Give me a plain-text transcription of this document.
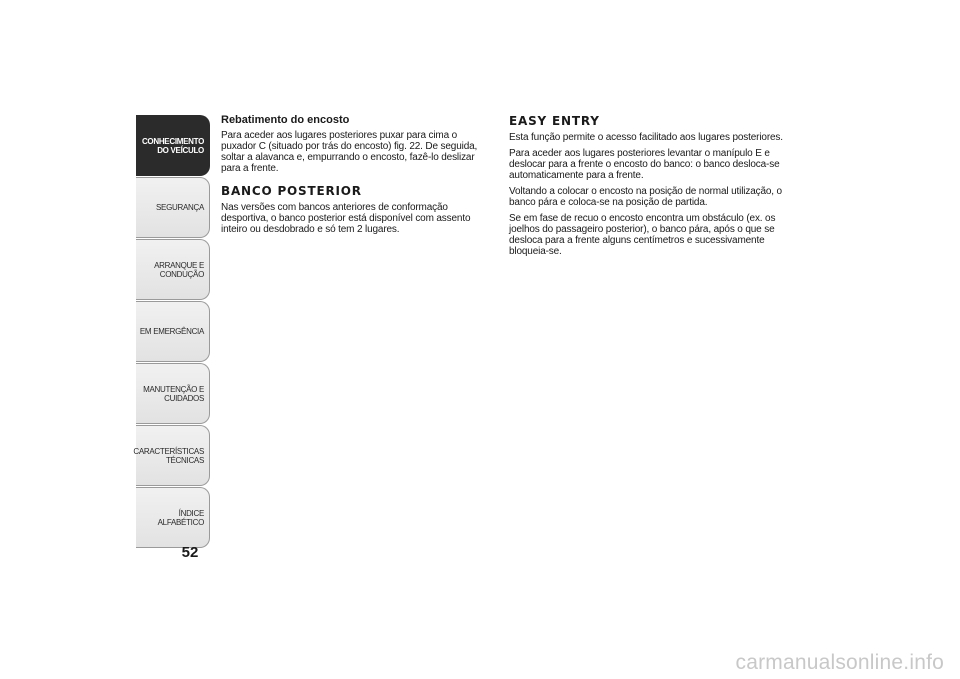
CONHECIMENTO
DO VEÍCULO
SEGURANÇA
ARRANQUE E
CONDUÇÃO
EM EMERGÊNCIA
MANUTENÇÃO E
CUIDADOS
CARACTERÍSTICAS
TÉCNICAS
ÍNDICE ALFABÉTICO
52
Rebatimento do encosto

Para aceder aos lugares posteriores puxar para cima o puxador C (situado por trás do encosto) fig. 22. De seguida, soltar a alavanca e, empurrando o encosto, fazê-lo deslizar para a frente.

BANCO POSTERIOR

Nas versões com bancos anteriores de conformação desportiva, o banco posterior está disponível com assento inteiro ou desdobrado e só tem 2 lugares.

EASY ENTRY

Esta função permite o acesso facilitado aos lugares posteriores.

Para aceder aos lugares posteriores levantar o manípulo E e deslocar para a frente o encosto do banco: o banco desloca-se automaticamente para a frente.

Voltando a colocar o encosto na posição de normal utilização, o banco pára e coloca-se na posição de partida.

Se em fase de recuo o encosto encontra um obstáculo (ex. os joelhos do passageiro posterior), o banco pára, após o que se desloca para a frente alguns centímetros e sucessivamente bloqueia-se.

carmanualsonline.info
